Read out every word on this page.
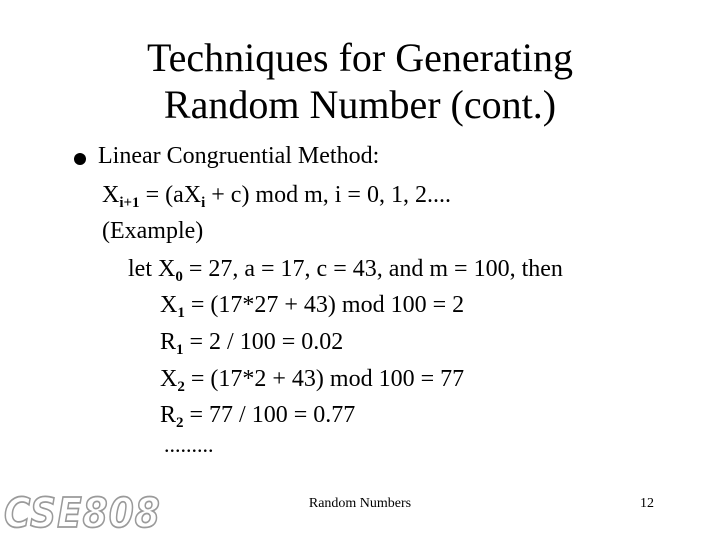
Techniques for Generating
Random Number (cont.)
Linear Congruential Method:
$X_{i+1} = (aX_i + c)$ mod m, i = 0, 1, 2....
(Example)
let $X_0 = 27$, a = 17, c = 43, and m = 100, then
$X_1 = (17*27 + 43)$ mod 100 = 2
$R_1 = 2 / 100 = 0.02$
$X_2 = (17*2 + 43)$ mod 100 = 77
$R_2 = 77 / 100 = 0.77$
.........
CSE808	Random Numbers	12
